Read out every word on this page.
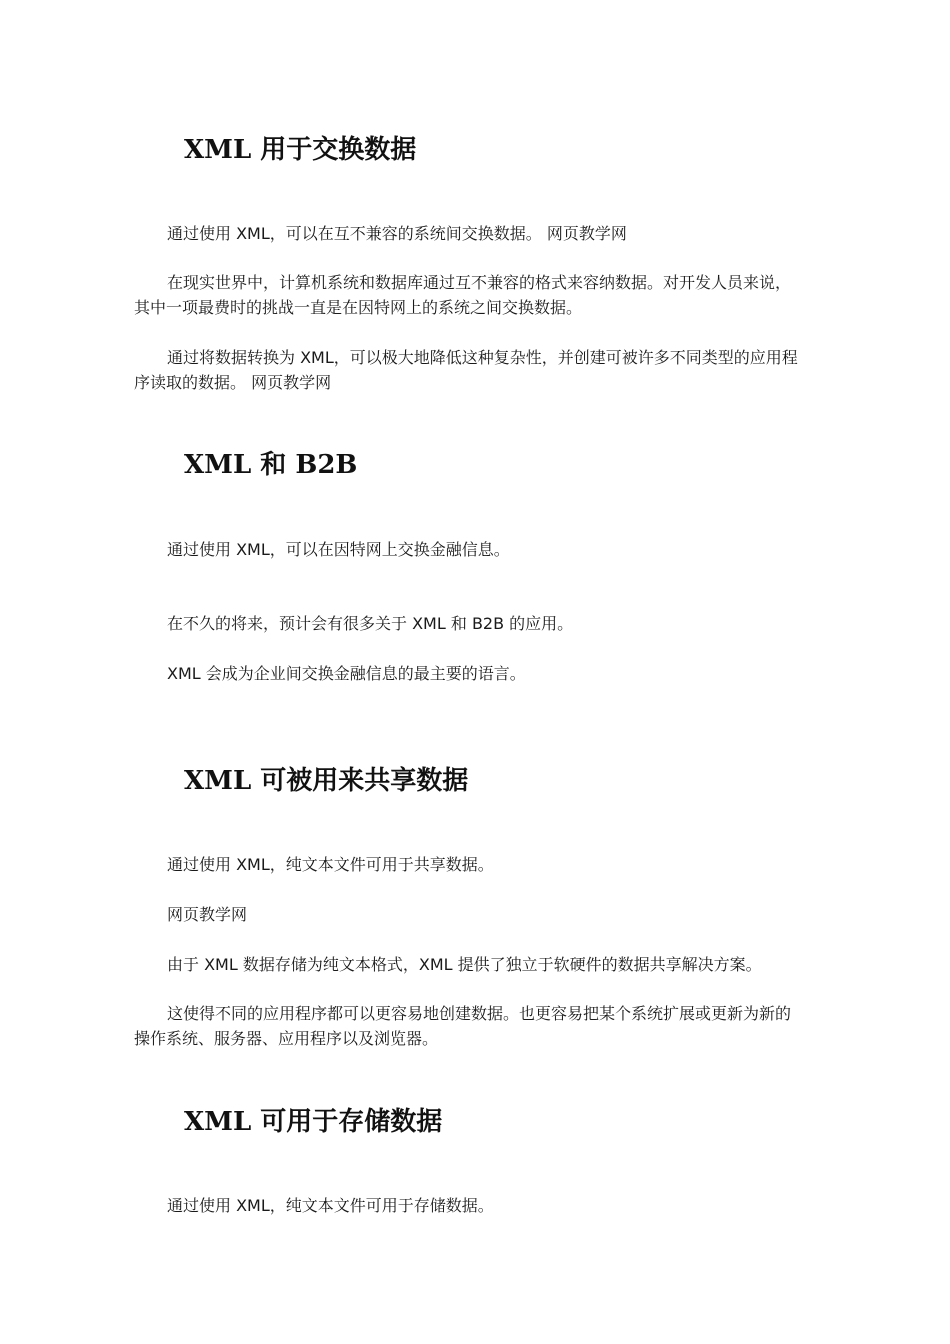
XML 用于交换数据

通过使用 XML，可以在互不兼容的系统间交换数据。 网页教学网

在现实世界中，计算机系统和数据库通过互不兼容的格式来容纳数据。对开发人员来说，其中一项最费时的挑战一直是在因特网上的系统之间交换数据。

通过将数据转换为 XML，可以极大地降低这种复杂性，并创建可被许多不同类型的应用程序读取的数据。 网页教学网

XML 和 B2B

通过使用 XML，可以在因特网上交换金融信息。

在不久的将来，预计会有很多关于 XML 和 B2B 的应用。

XML 会成为企业间交换金融信息的最主要的语言。

XML 可被用来共享数据

通过使用 XML，纯文本文件可用于共享数据。

网页教学网

由于 XML 数据存储为纯文本格式，XML 提供了独立于软硬件的数据共享解决方案。

这使得不同的应用程序都可以更容易地创建数据。也更容易把某个系统扩展或更新为新的操作系统、服务器、应用程序以及浏览器。

XML 可用于存储数据

通过使用 XML，纯文本文件可用于存储数据。
